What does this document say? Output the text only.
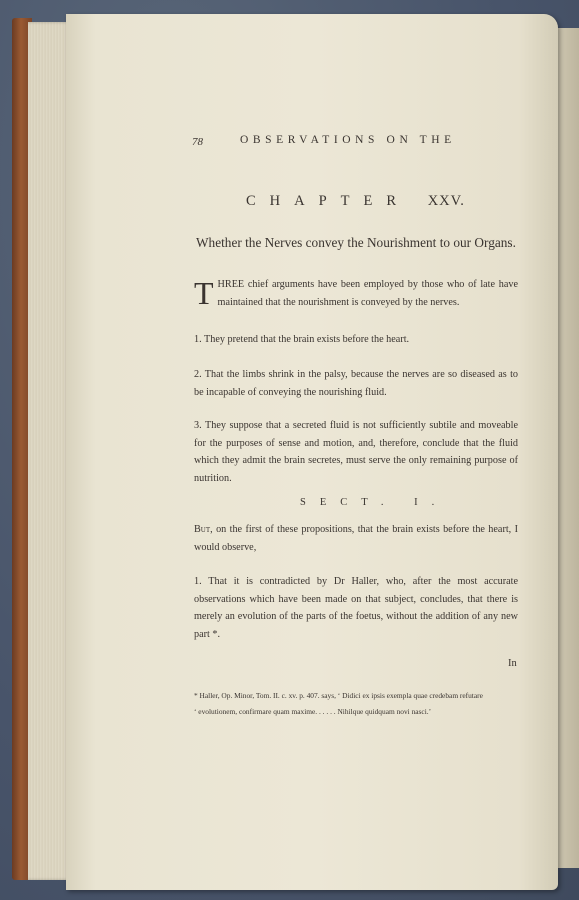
78	OBSERVATIONS ON THE
CHAPTER XXV.
Whether the Nerves convey the Nourishment to our Organs.
THREE chief arguments have been employed by those who of late have maintained that the nourishment is conveyed by the nerves.
1. They pretend that the brain exists before the heart.
2. That the limbs shrink in the palsy, because the nerves are so diseased as to be incapable of conveying the nourishing fluid.
3. They suppose that a secreted fluid is not sufficiently subtile and moveable for the purposes of sense and motion, and, therefore, conclude that the fluid which they admit the brain secretes, must serve the only remaining purpose of nutrition.
SECT. I.
But, on the first of these propositions, that the brain exists before the heart, I would observe,
1. That it is contradicted by Dr Haller, who, after the most accurate observations which have been made on that subject, concludes, that there is merely an evolution of the parts of the foetus, without the addition of any new part *.
In
* Haller, Op. Minor, Tom. II. c. xv. p. 407. says, ‘ Didici ex ipsis exempla quae credebam refutare
‘ evolutionem, confirmare quam maxime. . . . . . Nihilque quidquam novi nasci.’
